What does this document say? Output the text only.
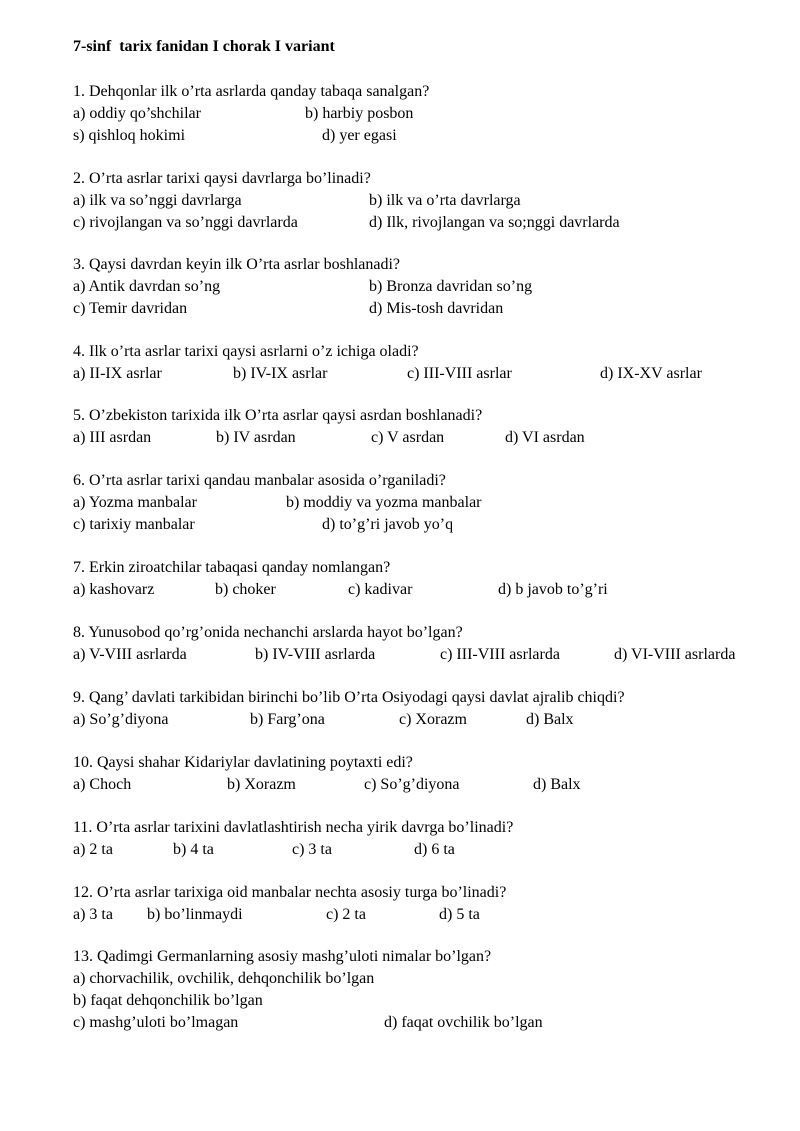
7-sinf  tarix fanidan I chorak I variant
1. Dehqonlar ilk o’rta asrlarda qanday tabaqa sanalgan?
a) oddiy qo’shchilar	b) harbiy posbon
s) qishloq hokimi	d) yer egasi
2. O’rta asrlar tarixi qaysi davrlarga bo’linadi?
a) ilk va so’nggi davrlarga	b) ilk va o’rta davrlarga
c) rivojlangan va so’nggi davrlarda	d) Ilk, rivojlangan va so;nggi davrlarda
3. Qaysi davrdan keyin ilk O’rta asrlar boshlanadi?
a) Antik davrdan so’ng	b) Bronza davridan so’ng
c) Temir davridan	d) Mis-tosh davridan
4. Ilk o’rta asrlar tarixi qaysi asrlarni o’z ichiga oladi?
a) II-IX asrlar	b) IV-IX asrlar	c) III-VIII asrlar	d) IX-XV asrlar
5. O’zbekiston tarixida ilk O’rta asrlar qaysi asrdan boshlanadi?
a) III asrdan	b) IV asrdan	c) V asrdan	d) VI asrdan
6. O’rta asrlar tarixi qandau manbalar asosida o’rganiladi?
a) Yozma manbalar	b) moddiy va yozma manbalar
c) tarixiy manbalar	d) to’g’ri javob yo’q
7. Erkin ziroatchilar tabaqasi qanday nomlangan?
a) kashovarz	b) choker	c) kadivar	d) b javob to’g’ri
8. Yunusobod qo’rg’onida nechanchi arslarda hayot bo’lgan?
a) V-VIII asrlarda	b) IV-VIII asrlarda	c) III-VIII asrlarda	d) VI-VIII asrlarda
9. Qang’ davlati tarkibidan birinchi bo’lib O’rta Osiyodagi qaysi davlat ajralib chiqdi?
a) So’g’diyona	b) Farg’ona	c) Xorazm	d) Balx
10. Qaysi shahar Kidariylar davlatining poytaxti edi?
a) Choch	b) Xorazm	c) So’g’diyona	d) Balx
11. O’rta asrlar tarixini davlatlashtirish necha yirik davrga bo’linadi?
a) 2 ta	b) 4 ta	c) 3 ta	d) 6 ta
12. O’rta asrlar tarixiga oid manbalar nechta asosiy turga bo’linadi?
a) 3 ta b) bo’linmaydi	c) 2 ta	d) 5 ta
13. Qadimgi Germanlarning asosiy mashg’uloti nimalar bo’lgan?
a) chorvachilik, ovchilik, dehqonchilik bo’lgan
b) faqat dehqonchilik bo’lgan
c) mashg’uloti bo’lmagan	d) faqat ovchilik bo’lgan
